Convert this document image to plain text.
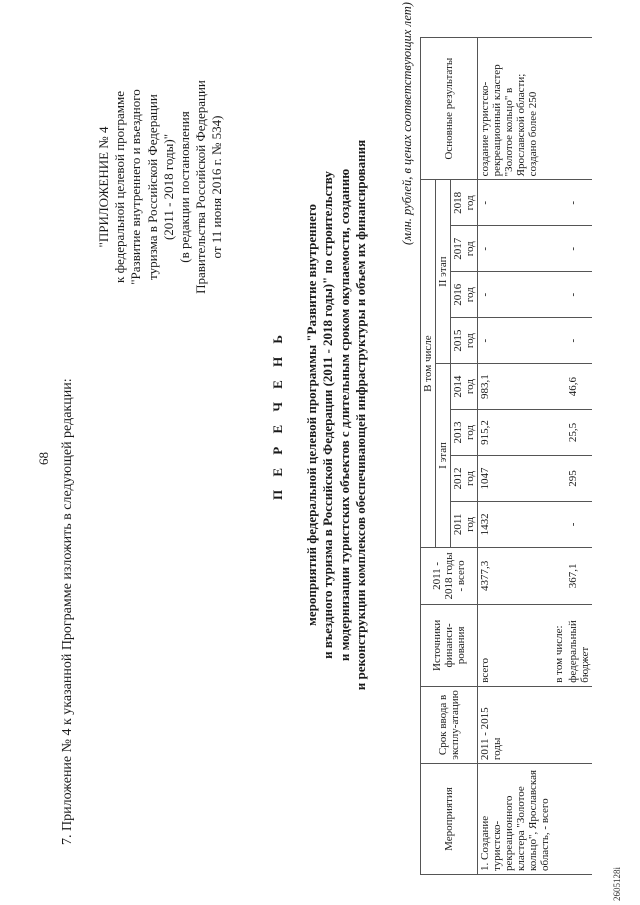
68 7. Приложение № 4 к указанной Программе изложить в следующей редакции:
"ПРИЛОЖЕНИЕ № 4 к федеральной целевой программе "Развитие внутреннего и въездного туризма в Российской Федерации (2011 - 2018 годы)" (в редакции постановления Правительства Российской Федерации от 11 июня 2016 г. № 534)
П Е Р Е Ч Е Н Ь мероприятий федеральной целевой программы "Развитие внутреннего и въездного туризма в Российской Федерации (2011 - 2018 годы)" по строительству и модернизации туристских объектов с длительным сроком окупаемости, созданию и реконструкции комплексов обеспечивающей инфраструктуры и объем их финансирования
(млн. рублей, в ценах соответствующих лет)
Мероприятия	Срок ввода в эксплу-атацию	Источники финанси-рования	2011 - 2018 годы - всего	В том числе								Основные результаты
				I этап				II этап				
				2011 год	2012 год	2013 год	2014 год	2015 год	2016 год	2017 год	2018 год	
1. Создание туристско-рекреационного кластера "Золотое кольцо", Ярославская область, - всего	2011 - 2015 годы	всего	4377,3	1432	1047	915,2	983,1	-	-	-	-	создание туристско-рекреационный кластер "Золотое кольцо" в Ярославской области; создано более 250
		в том числе:										
		федеральный бюджет	367,1	-	295	25,5	46,6	-	-	-	-	
2605128i
